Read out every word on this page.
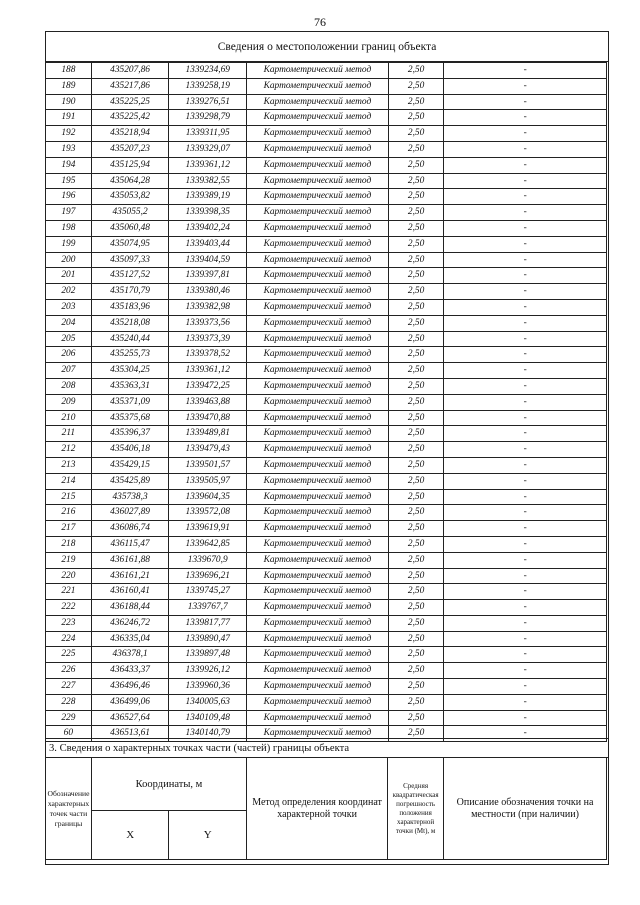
76
Сведения о местоположении границ объекта
188	435207,86	1339234,69	Картометрический метод	2,50	-
189	435217,86	1339258,19	Картометрический метод	2,50	-
190	435225,25	1339276,51	Картометрический метод	2,50	-
191	435225,42	1339298,79	Картометрический метод	2,50	-
192	435218,94	1339311,95	Картометрический метод	2,50	-
193	435207,23	1339329,07	Картометрический метод	2,50	-
194	435125,94	1339361,12	Картометрический метод	2,50	-
195	435064,28	1339382,55	Картометрический метод	2,50	-
196	435053,82	1339389,19	Картометрический метод	2,50	-
197	435055,2	1339398,35	Картометрический метод	2,50	-
198	435060,48	1339402,24	Картометрический метод	2,50	-
199	435074,95	1339403,44	Картометрический метод	2,50	-
200	435097,33	1339404,59	Картометрический метод	2,50	-
201	435127,52	1339397,81	Картометрический метод	2,50	-
202	435170,79	1339380,46	Картометрический метод	2,50	-
203	435183,96	1339382,98	Картометрический метод	2,50	-
204	435218,08	1339373,56	Картометрический метод	2,50	-
205	435240,44	1339373,39	Картометрический метод	2,50	-
206	435255,73	1339378,52	Картометрический метод	2,50	-
207	435304,25	1339361,12	Картометрический метод	2,50	-
208	435363,31	1339472,25	Картометрический метод	2,50	-
209	435371,09	1339463,88	Картометрический метод	2,50	-
210	435375,68	1339470,88	Картометрический метод	2,50	-
211	435396,37	1339489,81	Картометрический метод	2,50	-
212	435406,18	1339479,43	Картометрический метод	2,50	-
213	435429,15	1339501,57	Картометрический метод	2,50	-
214	435425,89	1339505,97	Картометрический метод	2,50	-
215	435738,3	1339604,35	Картометрический метод	2,50	-
216	436027,89	1339572,08	Картометрический метод	2,50	-
217	436086,74	1339619,91	Картометрический метод	2,50	-
218	436115,47	1339642,85	Картометрический метод	2,50	-
219	436161,88	1339670,9	Картометрический метод	2,50	-
220	436161,21	1339696,21	Картометрический метод	2,50	-
221	436160,41	1339745,27	Картометрический метод	2,50	-
222	436188,44	1339767,7	Картометрический метод	2,50	-
223	436246,72	1339817,77	Картометрический метод	2,50	-
224	436335,04	1339890,47	Картометрический метод	2,50	-
225	436378,1	1339897,48	Картометрический метод	2,50	-
226	436433,37	1339926,12	Картометрический метод	2,50	-
227	436496,46	1339960,36	Картометрический метод	2,50	-
228	436499,06	1340005,63	Картометрический метод	2,50	-
229	436527,64	1340109,48	Картометрический метод	2,50	-
60	436513,61	1340140,79	Картометрический метод	2,50	-
3. Сведения о характерных точках части (частей) границы объекта
Обозначение характерных точек части границы	Координаты, м		Метод определения координат характерной точки	Средняя квадратическая погрешность положения характерной точки (Mt), м	Описание обозначения точки на местности (при наличии)
	X	Y			
